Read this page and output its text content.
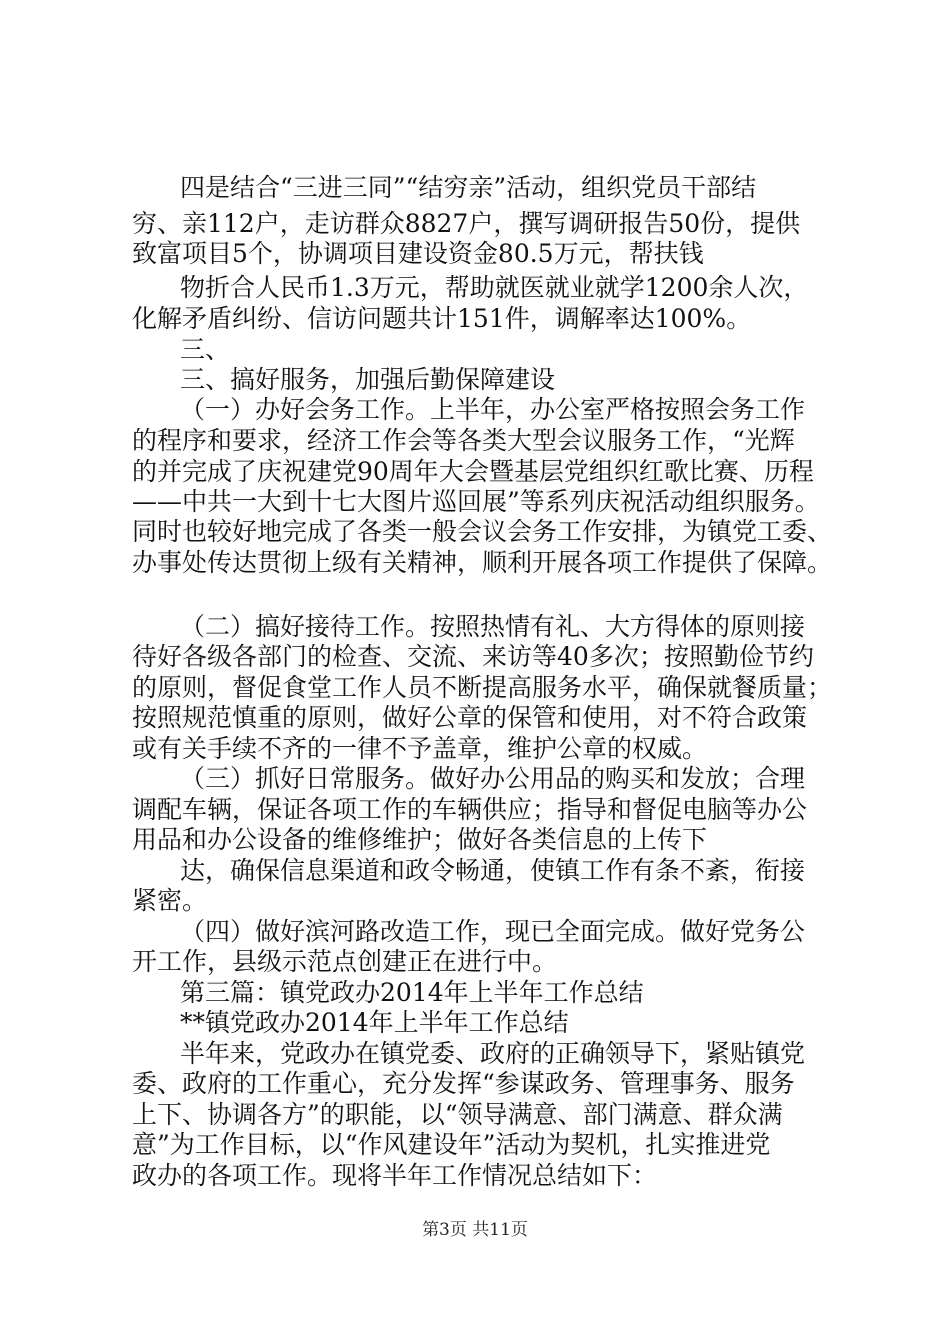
四是结合“三进三同”“结穷亲”活动，组织党员干部结
穷、亲112户，走访群众8827户，撰写调研报告50份，提供
致富项目5个，协调项目建设资金80.5万元，帮扶钱
物折合人民币1.3万元，帮助就医就业就学1200余人次，
化解矛盾纠纷、信访问题共计151件，调解率达100%。
三、
三、搞好服务，加强后勤保障建设
（一）办好会务工作。上半年，办公室严格按照会务工作
的程序和要求，经济工作会等各类大型会议服务工作，“光辉
的并完成了庆祝建党90周年大会暨基层党组织红歌比赛、历程
——中共一大到十七大图片巡回展”等系列庆祝活动组织服务。
同时也较好地完成了各类一般会议会务工作安排，为镇党工委、
办事处传达贯彻上级有关精神，顺利开展各项工作提供了保障。
（二）搞好接待工作。按照热情有礼、大方得体的原则接
待好各级各部门的检查、交流、来访等40多次；按照勤俭节约
的原则，督促食堂工作人员不断提高服务水平，确保就餐质量；
按照规范慎重的原则，做好公章的保管和使用，对不符合政策
或有关手续不齐的一律不予盖章，维护公章的权威。
（三）抓好日常服务。做好办公用品的购买和发放；合理
调配车辆，保证各项工作的车辆供应；指导和督促电脑等办公
用品和办公设备的维修维护；做好各类信息的上传下
达，确保信息渠道和政令畅通，使镇工作有条不紊，衔接
紧密。
（四）做好滨河路改造工作，现已全面完成。做好党务公
开工作，县级示范点创建正在进行中。
第三篇：镇党政办2014年上半年工作总结
**镇党政办2014年上半年工作总结
半年来，党政办在镇党委、政府的正确领导下，紧贴镇党
委、政府的工作重心，充分发挥“参谋政务、管理事务、服务
上下、协调各方”的职能，以“领导满意、部门满意、群众满
意”为工作目标，以“作风建设年”活动为契机，扎实推进党
政办的各项工作。现将半年工作情况总结如下：
第3页 共11页
